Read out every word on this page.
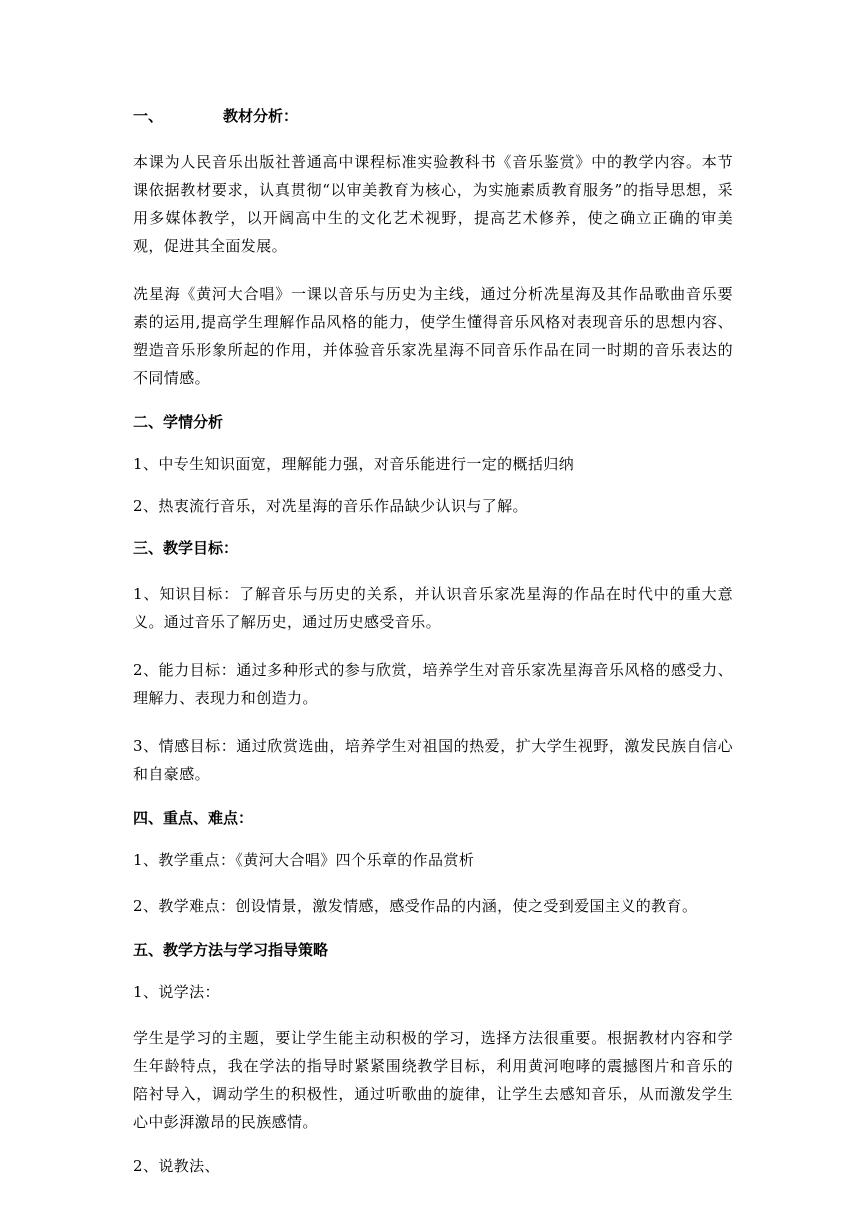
一、	教材分析：

本课为人民音乐出版社普通高中课程标准实验教科书《音乐鉴赏》中的教学内容。本节课依据教材要求，认真贯彻“以审美教育为核心，为实施素质教育服务”的指导思想，采用多媒体教学，以开阔高中生的文化艺术视野，提高艺术修养，使之确立正确的审美观，促进其全面发展。

冼星海《黄河大合唱》一课以音乐与历史为主线，通过分析冼星海及其作品歌曲音乐要素的运用,提高学生理解作品风格的能力，使学生懂得音乐风格对表现音乐的思想内容、塑造音乐形象所起的作用，并体验音乐家冼星海不同音乐作品在同一时期的音乐表达的不同情感。

二、学情分析
1、中专生知识面宽，理解能力强，对音乐能进行一定的概括归纳
2、热衷流行音乐，对冼星海的音乐作品缺少认识与了解。
三、教学目标：

1、知识目标：了解音乐与历史的关系，并认识音乐家冼星海的作品在时代中的重大意义。通过音乐了解历史，通过历史感受音乐。

2、能力目标：通过多种形式的参与欣赏，培养学生对音乐家冼星海音乐风格的感受力、理解力、表现力和创造力。

3、情感目标：通过欣赏选曲，培养学生对祖国的热爱，扩大学生视野，激发民族自信心和自豪感。

四、重点、难点：
1、教学重点：《黄河大合唱》四个乐章的作品赏析

2、教学难点：创设情景，激发情感，感受作品的内涵，使之受到爱国主义的教育。

五、教学方法与学习指导策略
1、说学法：

学生是学习的主题，要让学生能主动积极的学习，选择方法很重要。根据教材内容和学生年龄特点，我在学法的指导时紧紧围绕教学目标，利用黄河咆哮的震撼图片和音乐的陪衬导入，调动学生的积极性，通过听歌曲的旋律，让学生去感知音乐，从而激发学生心中彭湃激昂的民族感情。

2、说教法、
